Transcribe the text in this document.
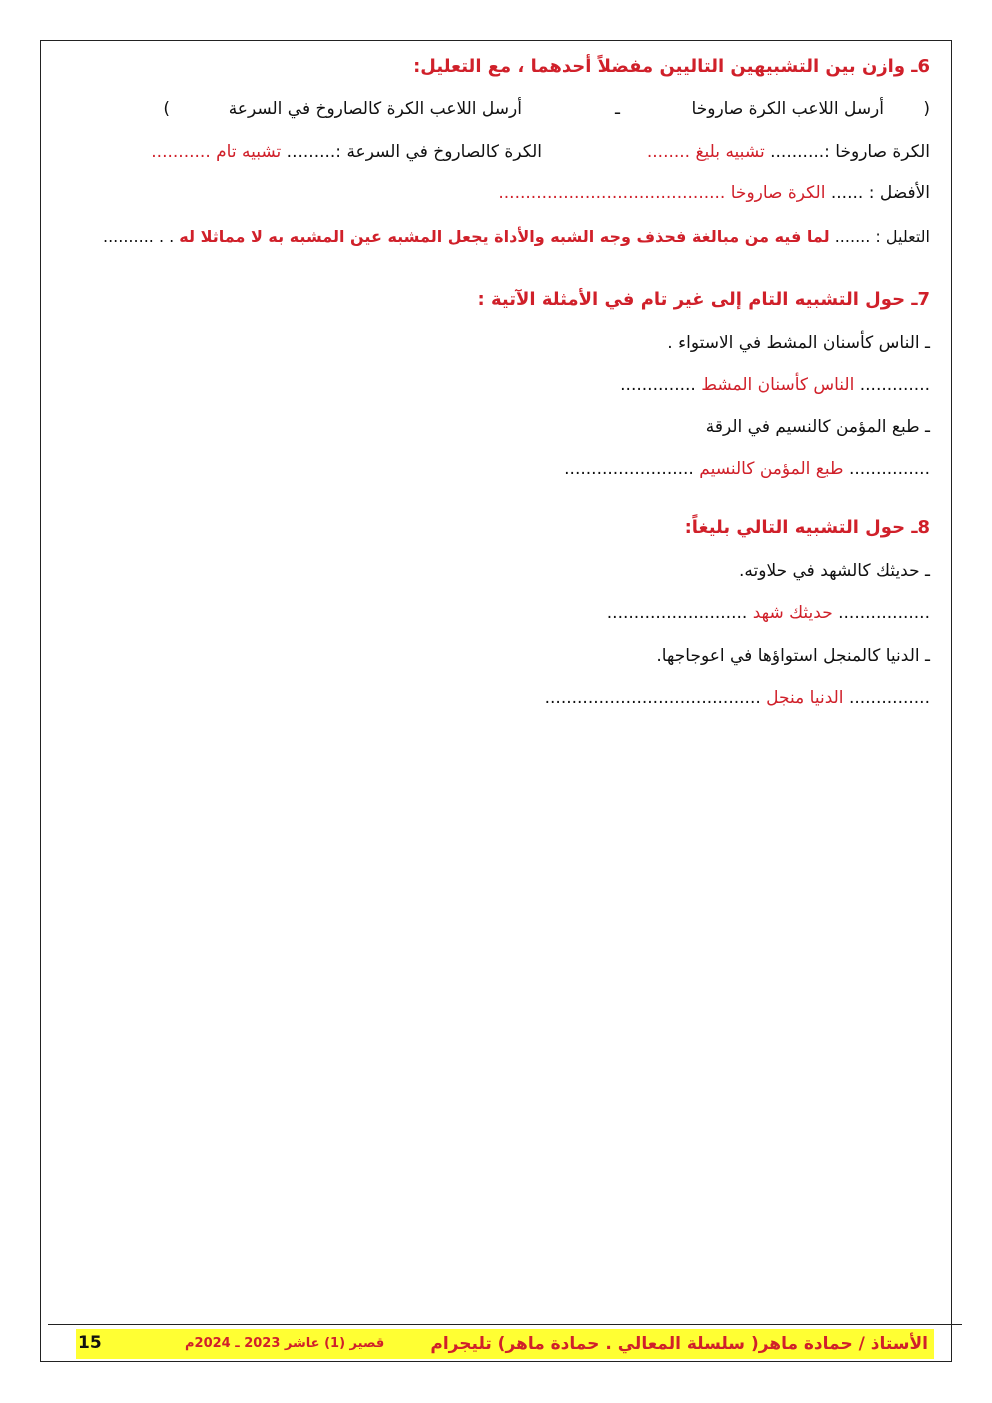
6ـ وازن بين التشبيهين التاليين مفضلاً أحدهما ، مع التعليل:
(
أرسل اللاعب الكرة صاروخا
ـ
أرسل اللاعب الكرة كالصاروخ في السرعة
)
الكرة صاروخا :.......... تشبيه بليغ ........
الكرة كالصاروخ في السرعة :......... تشبيه تام ...........
الأفضل : ...... الكرة صاروخا ..........................................
التعليل : ....... لما فيه من مبالغة فحذف وجه الشبه والأداة يجعل المشبه عين المشبه به لا مماثلا له . . ..........
7ـ حول التشبيه التام إلى غير تام في الأمثلة الآتية :
ـ الناس كأسنان المشط في الاستواء .
............. الناس كأسنان المشط ..............
ـ طبع المؤمن كالنسيم في الرقة
............... طبع المؤمن كالنسيم ........................
8ـ حول التشبيه التالي بليغاً:
ـ حديثك كالشهد في حلاوته.
................. حديثك شهد ..........................
ـ الدنيا كالمنجل استواؤها في اعوجاجها.
............... الدنيا منجل ........................................
الأستاذ / حمادة ماهر( سلسلة المعالي . حمادة ماهر) تليجرام
قصير (1) عاشر 2023 ـ 2024م
15
